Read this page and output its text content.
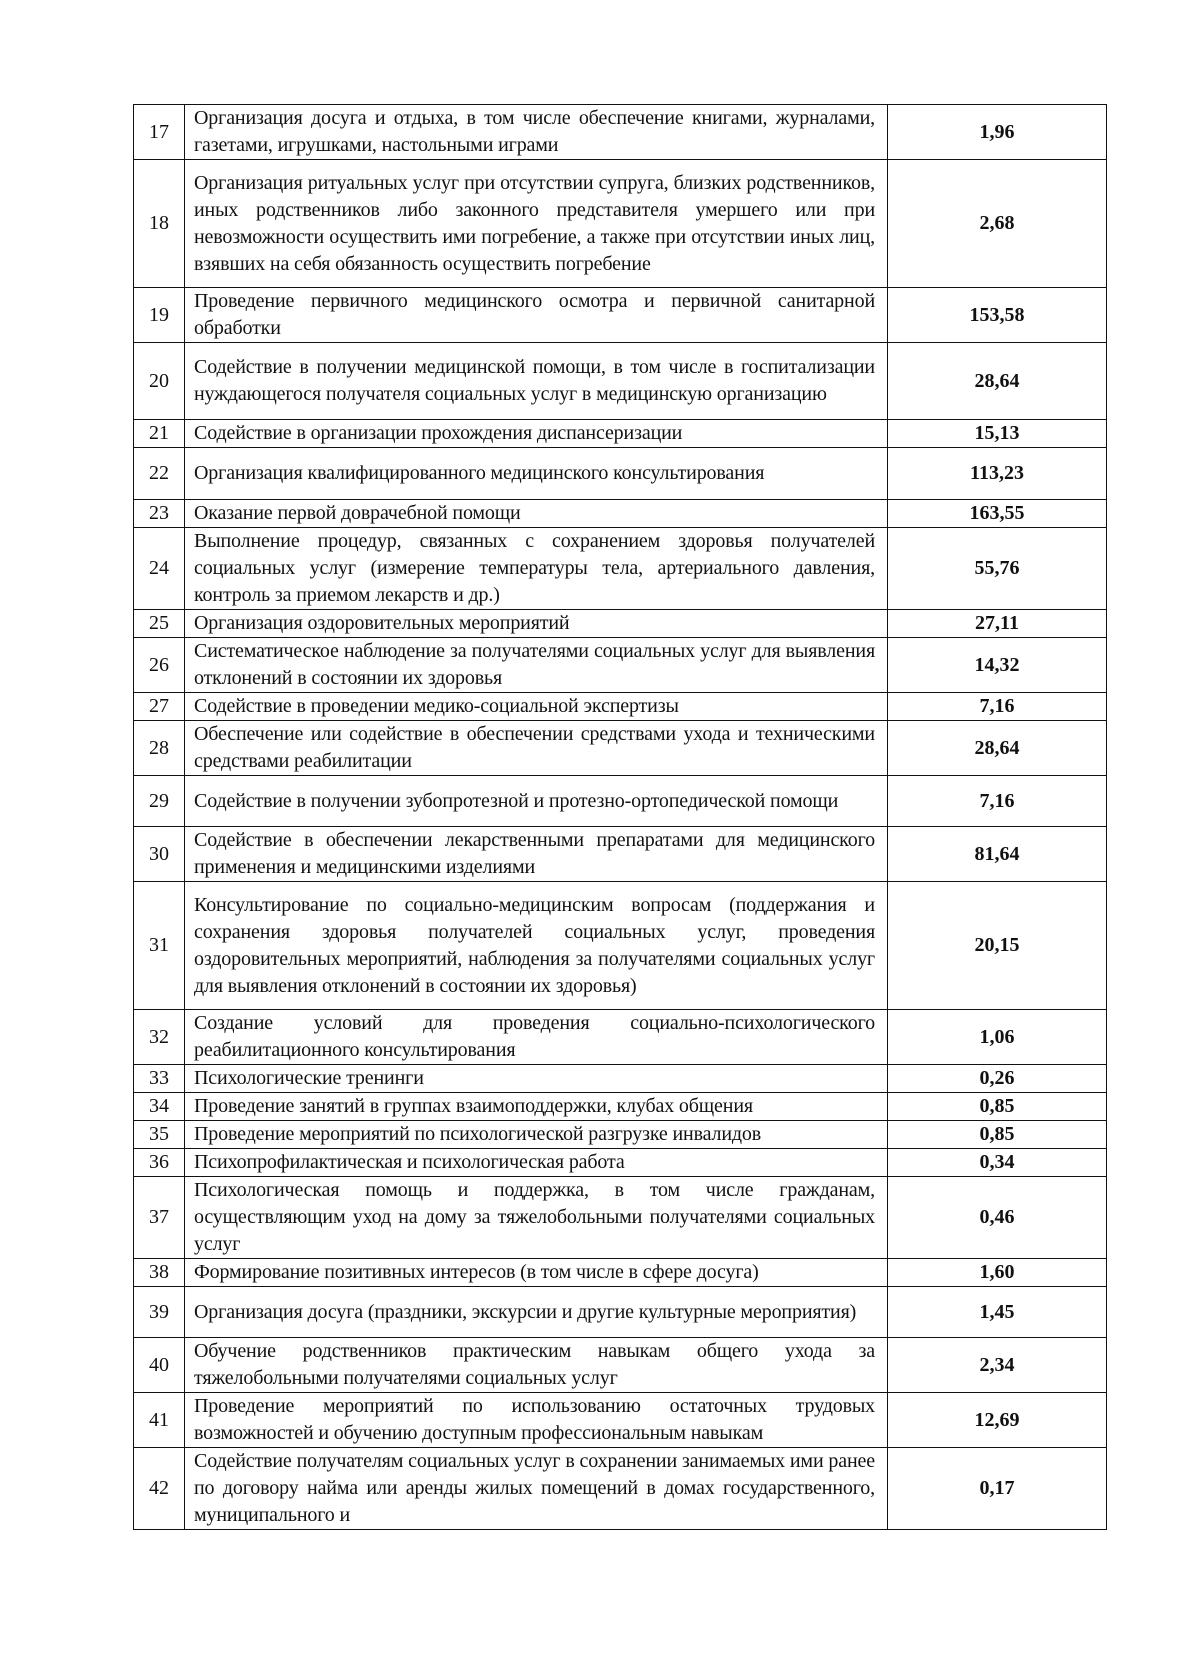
17	Организация досуга и отдыха, в том числе обеспечение книгами, журналами, газетами, игрушками, настольными играми	1,96
18	Организация ритуальных услуг при отсутствии супруга, близких родственников, иных родственников либо законного представителя умершего или при невозможности осуществить ими погребение, а также при отсутствии иных лиц, взявших на себя обязанность осуществить погребение	2,68
19	Проведение первичного медицинского осмотра и первичной санитарной обработки	153,58
20	Содействие в получении медицинской помощи, в том числе в госпитализации нуждающегося получателя социальных услуг в медицинскую организацию	28,64
21	Содействие в организации прохождения диспансеризации	15,13
22	Организация квалифицированного медицинского консультирования	113,23
23	Оказание первой доврачебной помощи	163,55
24	Выполнение процедур, связанных с сохранением здоровья получателей социальных услуг (измерение температуры тела, артериального давления, контроль за приемом лекарств и др.)	55,76
25	Организация оздоровительных мероприятий	27,11
26	Систематическое наблюдение за получателями социальных услуг для выявления отклонений в состоянии их здоровья	14,32
27	Содействие в проведении медико-социальной экспертизы	7,16
28	Обеспечение или содействие в обеспечении средствами ухода и техническими средствами реабилитации	28,64
29	Содействие в получении зубопротезной и протезно-ортопедической помощи	7,16
30	Содействие в обеспечении лекарственными препаратами для медицинского применения и медицинскими изделиями	81,64
31	Консультирование по социально-медицинским вопросам (поддержания и сохранения здоровья получателей социальных услуг, проведения оздоровительных мероприятий, наблюдения за получателями социальных услуг для выявления отклонений в состоянии их здоровья)	20,15
32	Создание условий для проведения социально-психологического реабилитационного консультирования	1,06
33	Психологические тренинги	0,26
34	Проведение занятий в группах взаимоподдержки, клубах общения	0,85
35	Проведение мероприятий по психологической разгрузке инвалидов	0,85
36	Психопрофилактическая и психологическая работа	0,34
37	Психологическая помощь и поддержка, в том числе гражданам, осуществляющим уход на дому за тяжелобольными получателями социальных услуг	0,46
38	Формирование позитивных интересов (в том числе в сфере досуга)	1,60
39	Организация досуга (праздники, экскурсии и другие культурные мероприятия)	1,45
40	Обучение родственников практическим навыкам общего ухода за тяжелобольными получателями социальных услуг	2,34
41	Проведение мероприятий по использованию остаточных трудовых возможностей и обучению доступным профессиональным навыкам	12,69
42	Содействие получателям социальных услуг в сохранении занимаемых ими ранее по договору найма или аренды жилых помещений в домах государственного, муниципального и	0,17
